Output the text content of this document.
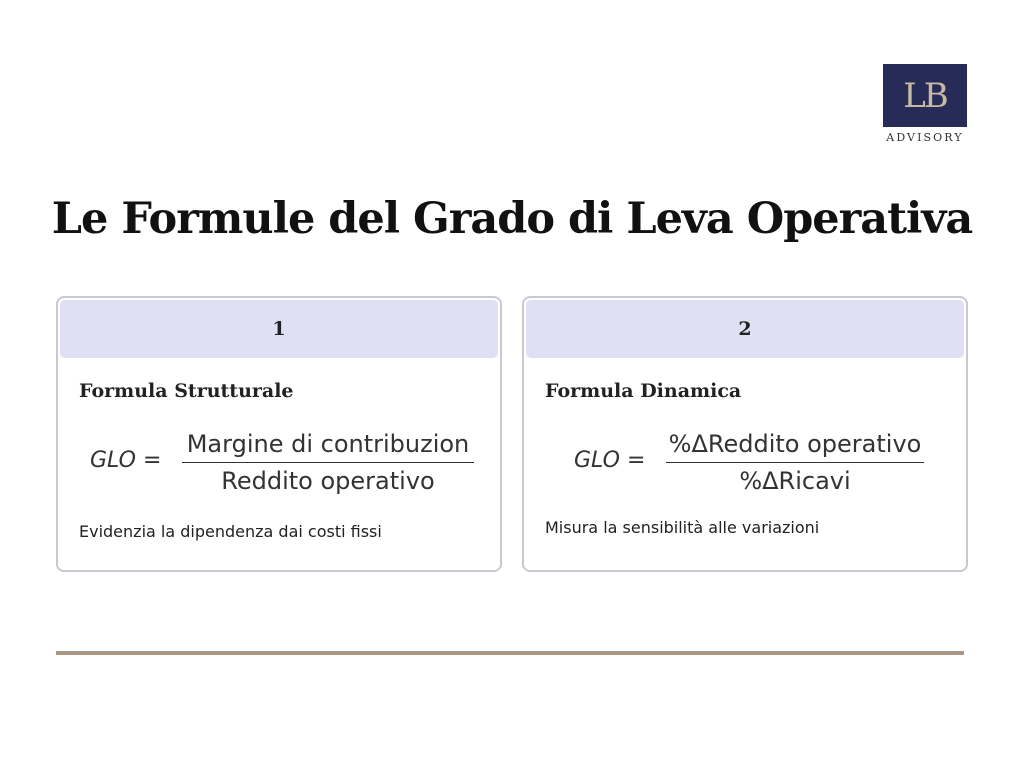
LB
ADVISORY
Le Formule del Grado di Leva Operativa
1
Formula Strutturale
GLO =
Margine di contribuzion
Reddito operativo
Evidenzia la dipendenza dai costi fissi
2
Formula Dinamica
GLO =
%ΔReddito operativo
%ΔRicavi
Misura la sensibilità alle variazioni
